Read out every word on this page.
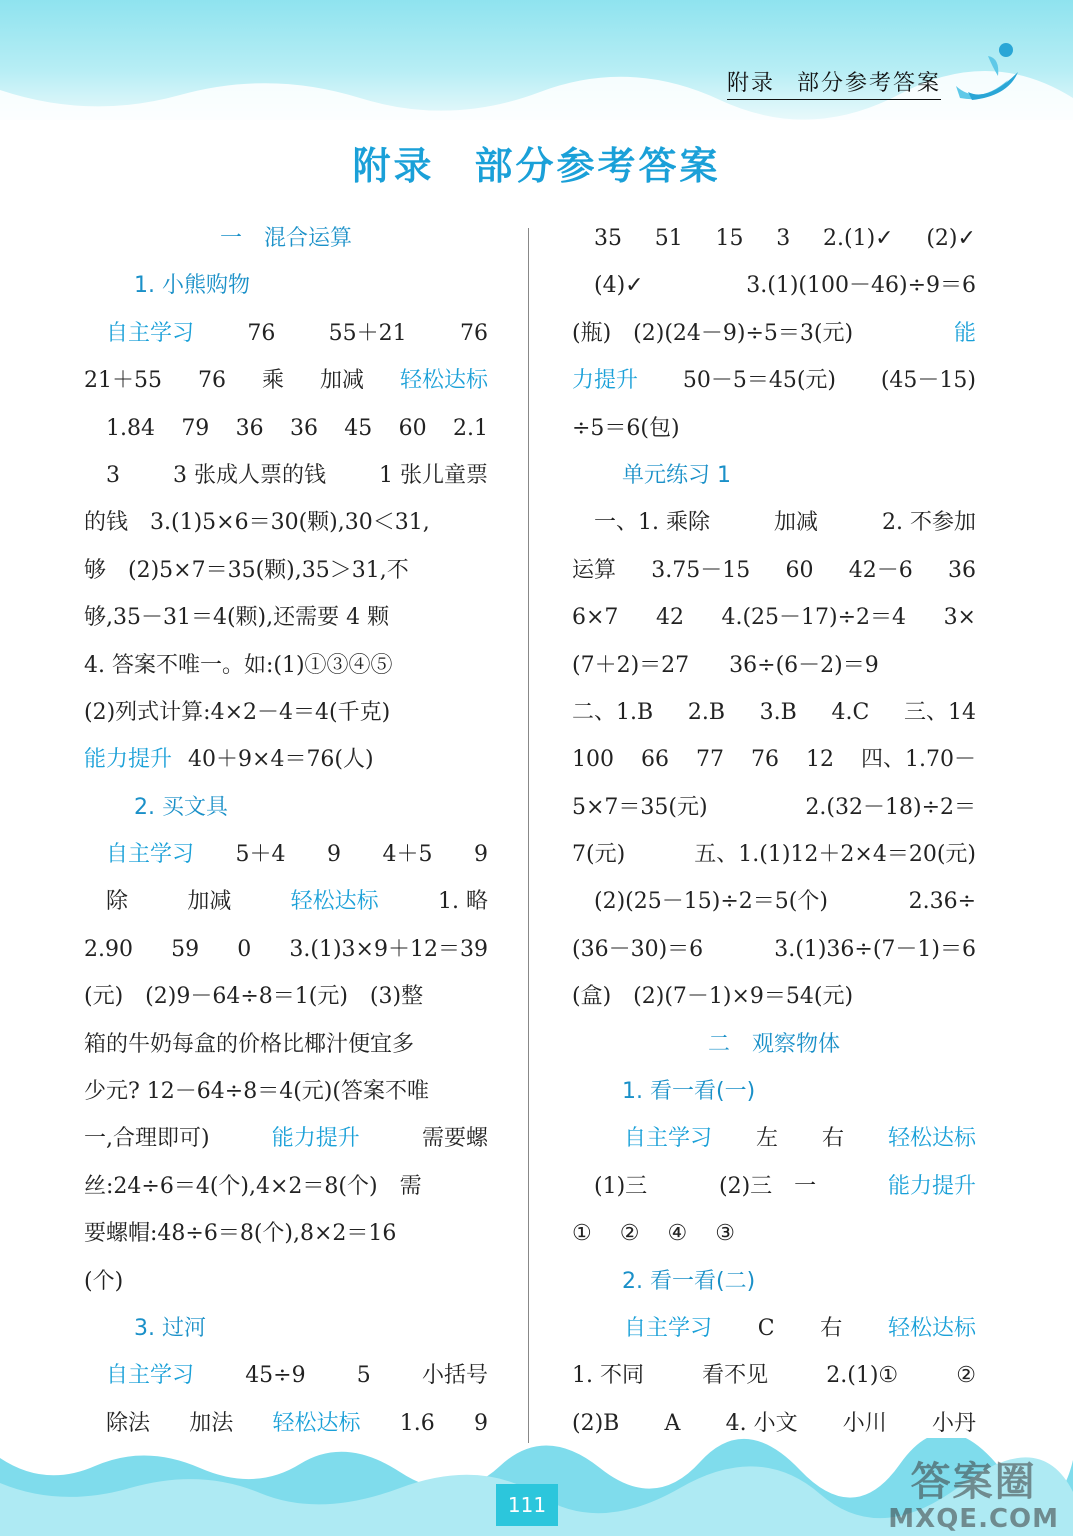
附录 部分参考答案
附录 部分参考答案
一　混合运算
1. 小熊购物
自主学习 76 55＋21 76
21＋55 76 乘 加减 轻松达标
1.84 79 36 36 45 60 2.1
3 3 张成人票的钱 1 张儿童票
的钱　3.(1)5×6＝30(颗),30＜31,
够　(2)5×7＝35(颗),35＞31,不
够,35－31＝4(颗),还需要 4 颗
4. 答案不唯一。如:(1)①③④⑤
(2)列式计算:4×2－4＝4(千克)
能力提升 40＋9×4＝76(人)
2. 买文具
自主学习 5＋4 9 4＋5 9
除	加减	轻松达标	1. 略
2.90 59 0 3.(1)3×9＋12＝39
(元)　(2)9－64÷8＝1(元)　(3)整
箱的牛奶每盒的价格比椰汁便宜多
少元? 12－64÷8＝4(元)(答案不唯
一,合理即可)	能力提升	需要螺
丝:24÷6＝4(个),4×2＝8(个)　需
要螺帽:48÷6＝8(个),8×2＝16
(个)
3. 过河
自主学习 45÷9 5 小括号
除法 加法 轻松达标 1.6 9
35 51 15 3 2.(1)✓ (2)✓
(4)✓	3.(1)(100－46)÷9＝6
(瓶)　(2)(24－9)÷5＝3(元)	能
力提升 50－5＝45(元) (45－15)
÷5＝6(包)
单元练习 1
一、1. 乘除	加减	2. 不参加
运算 3.75－15 60 42－6 36
6×7 42 4.(25－17)÷2＝4 3×
(7＋2)＝27 36÷(6－2)＝9
二、1.B 2.B 3.B 4.C 三、14
100 66 77 76 12 四、1.70－
5×7＝35(元)	2.(32－18)÷2＝
7(元)	五、1.(1)12＋2×4＝20(元)
(2)(25－15)÷2＝5(个)	2.36÷
(36－30)＝6	3.(1)36÷(7－1)＝6
(盒)　(2)(7－1)×9＝54(元)
二　观察物体
1. 看一看(一)
自主学习 左 右 轻松达标
(1)三	(2)三　一	能力提升
① ② ④ ③
2. 看一看(二)
自主学习 C 右 轻松达标
1. 不同	看不见	2.(1)①	②
(2)B A 4. 小文 小川 小丹
111	答案圈
MXQE.COM
